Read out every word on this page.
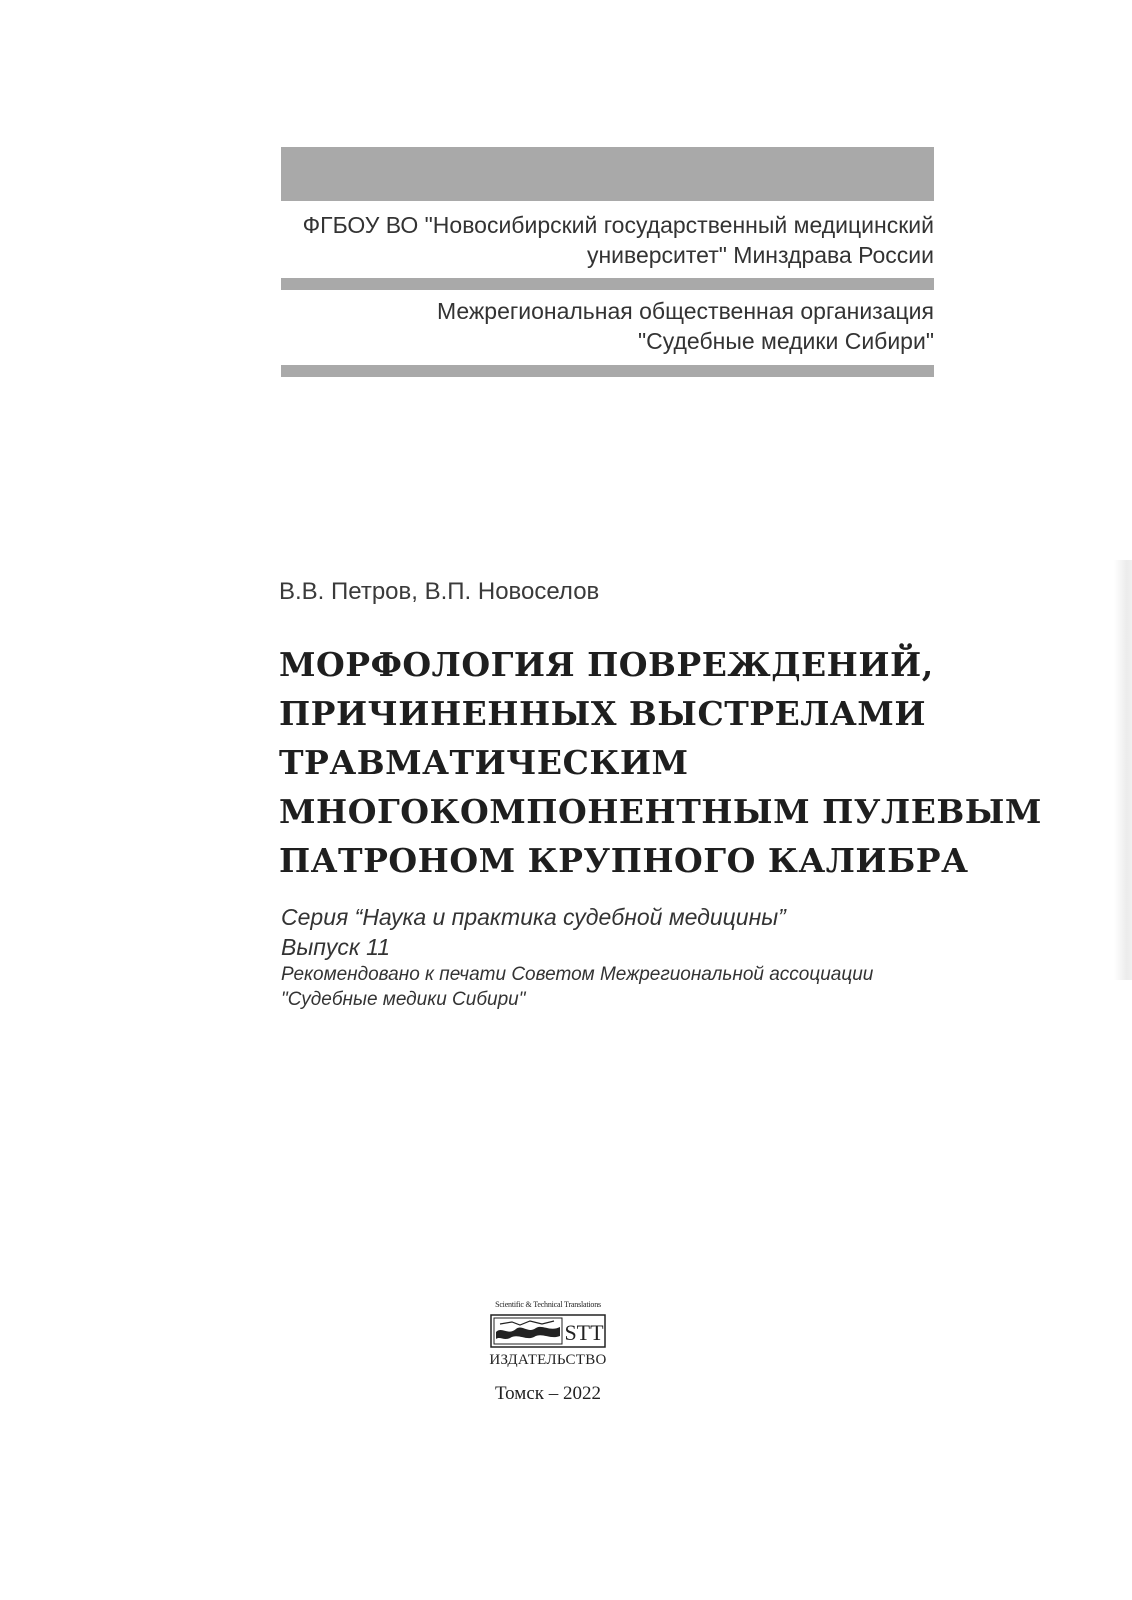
ФГБОУ ВО "Новосибирский государственный медицинский
университет" Минздрава России
Межрегиональная общественная организация
"Судебные медики Сибири"
В.В. Петров, В.П. Новоселов
МОРФОЛОГИЯ ПОВРЕЖДЕНИЙ,
ПРИЧИНЕННЫХ ВЫСТРЕЛАМИ
ТРАВМАТИЧЕСКИМ
МНОГОКОМПОНЕНТНЫМ ПУЛЕВЫМ
ПАТРОНОМ КРУПНОГО КАЛИБРА
Серия “Наука и практика судебной медицины”
Выпуск 11
Рекомендовано к печати Советом Межрегиональной ассоциации
"Судебные медики Сибири"
Scientific & Technical Translations
STT
ИЗДАТЕЛЬСТВО
Томск – 2022
